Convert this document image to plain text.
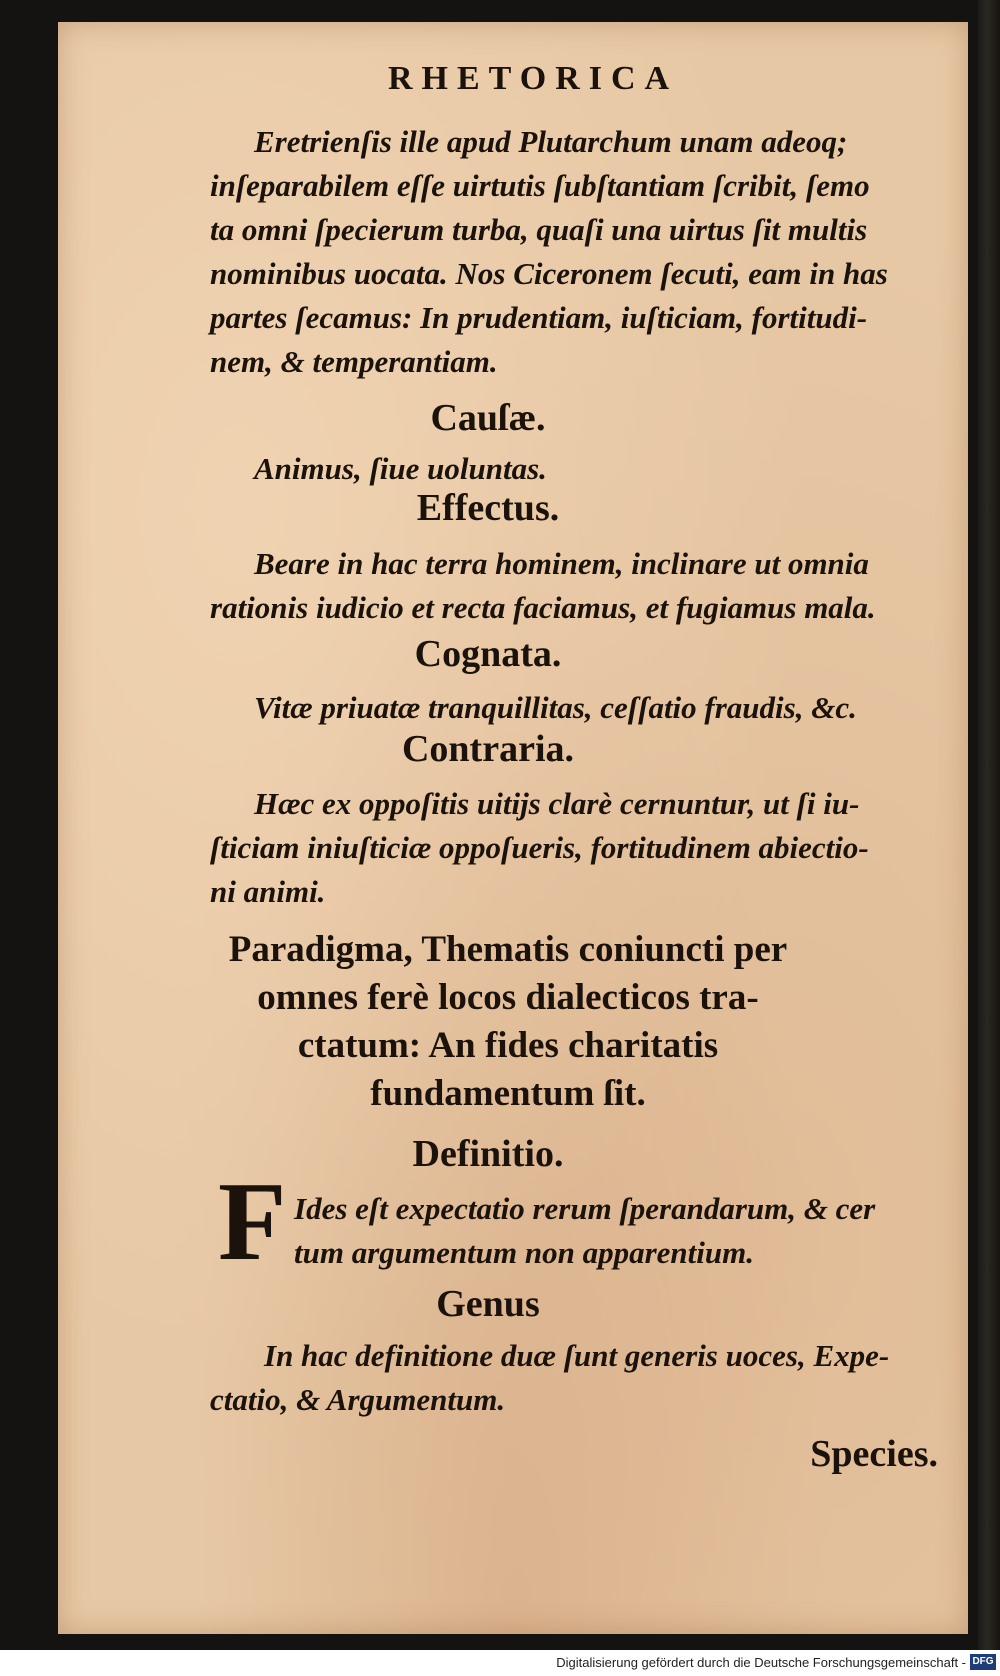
RHETORICA
Eretrienſis ille apud Plutarchum unam adeoq;
inſeparabilem eſſe uirtutis ſubſtantiam ſcribit, ſemo
ta omni ſpecierum turba, quaſi una uirtus ſit multis
nominibus uocata. Nos Ciceronem ſecuti, eam in has
partes ſecamus: In prudentiam, iuſticiam, fortitudi-
nem, & temperantiam.
Cauſæ.
Animus, ſiue uoluntas.
Effectus.
Beare in hac terra hominem, inclinare ut omnia
rationis iudicio et recta faciamus, et fugiamus mala.
Cognata.
Vitæ priuatæ tranquillitas, ceſſatio fraudis, &c.
Contraria.
Hæc ex oppoſitis uitijs clarè cernuntur, ut ſi iu-
ſticiam iniuſticiæ oppoſueris, fortitudinem abiectio-
ni animi.
Paradigma, Thematis coniuncti per
omnes ferè locos dialecticos tra-
ctatum: An fides charitatis
fundamentum ſit.
Definitio.
F Ides eſt expectatio rerum ſperandarum, & cer
tum argumentum non apparentium.
Genus
In hac definitione duæ ſunt generis uoces, Expe-
ctatio, & Argumentum.
Species.
Digitalisierung gefördert durch die Deutsche Forschungsgemeinschaft - DFG
